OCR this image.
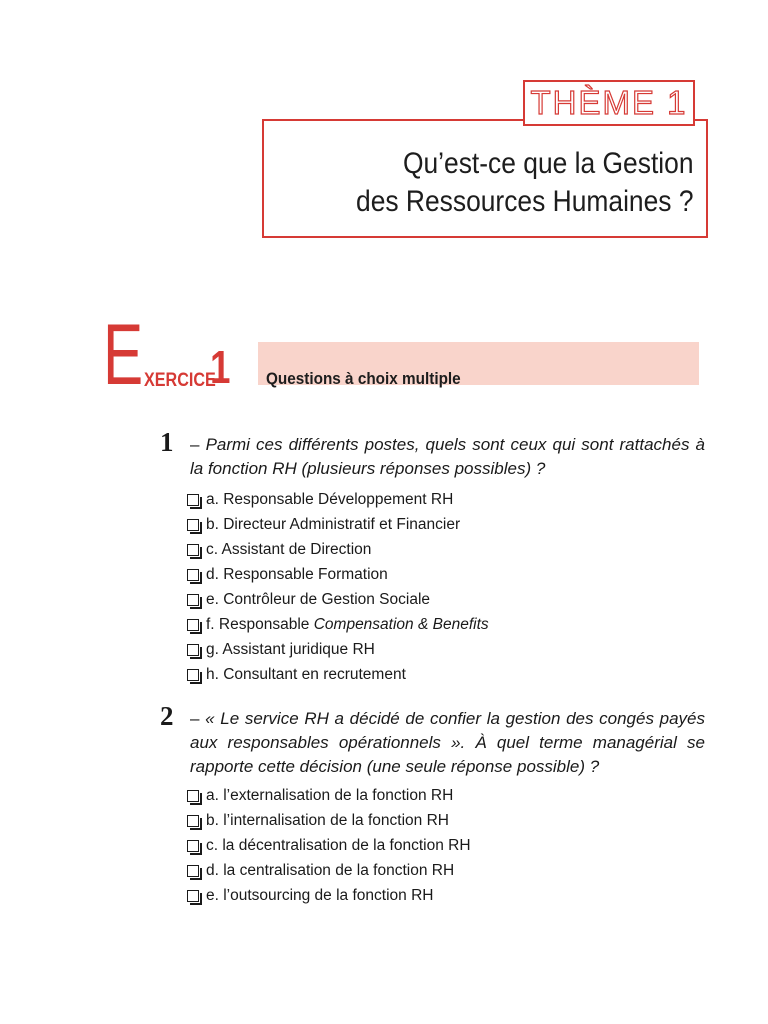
THÈME 1
Qu’est-ce que la Gestion
des Ressources Humaines ?
E XERCICE
1 Questions à choix multiple
1 – Parmi ces différents postes, quels sont ceux qui sont rattachés à la fonction RH (plusieurs réponses possibles) ?
a. Responsable Développement RH
b. Directeur Administratif et Financier
c. Assistant de Direction
d. Responsable Formation
e. Contrôleur de Gestion Sociale
f. Responsable Compensation & Benefits
g. Assistant juridique RH
h. Consultant en recrutement
2 – « Le service RH a décidé de confier la gestion des congés payés aux responsables opérationnels ». À quel terme managérial se rapporte cette décision (une seule réponse possible) ?
a. l’externalisation de la fonction RH
b. l’internalisation de la fonction RH
c. la décentralisation de la fonction RH
d. la centralisation de la fonction RH
e. l’outsourcing de la fonction RH
